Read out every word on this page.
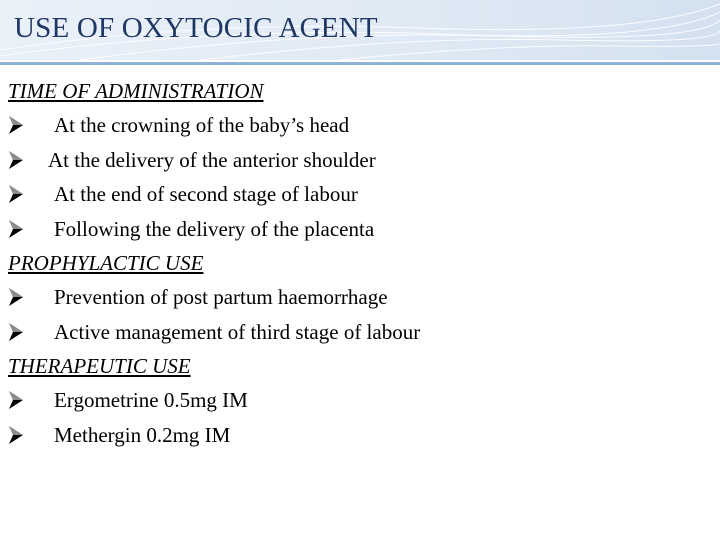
USE OF OXYTOCIC AGENT
TIME OF ADMINISTRATION
At the crowning of the baby’s head
At the delivery of the anterior shoulder
At the end of second stage of labour
Following the delivery of the placenta
PROPHYLACTIC USE
Prevention of post partum haemorrhage
Active management of third stage of labour
THERAPEUTIC USE
Ergometrine 0.5mg IM
Methergin 0.2mg IM
